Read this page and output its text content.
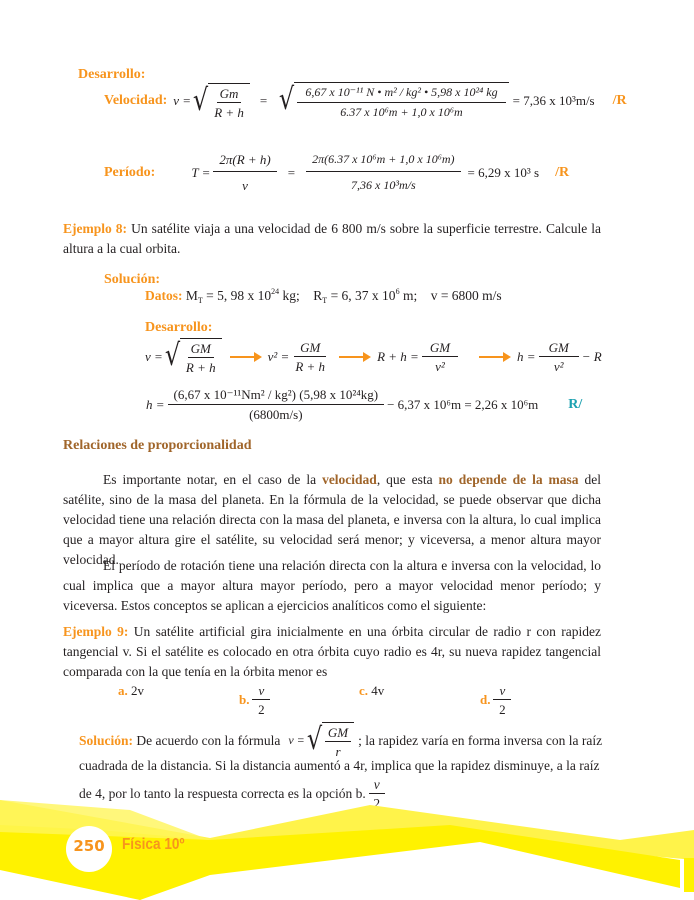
Desarrollo:
Velocidad: v = √ $\frac{Gm}{R + h}$ = √ $\frac{\text{6,67 x 10⁻¹¹ N • m² / kg² • 5,98 x 10²⁴ kg}}{\text{6.37 x 10⁶m + 1,0 x 10⁶m}} = 7,36$ x 10³m/s /R
Período:	$T = \frac{2\pi(R + h)}{v} = \frac{\text{2π(6.37 x 10⁶m + 1,0 x 10⁶m)}}{\text{7,36 x 10³m/s}} = 6,29$ x 10³ s /R
Ejemplo 8: Un satélite viaja a una velocidad de 6 800 m/s sobre la superficie terrestre. Calcule la altura a la cual orbita.
Solución:
Datos: $M_T = 5$, 98 x $10^{24}$ kg;    $R_T = 6$, 37 x $10^6$ m;    v = 6800 m/s
Desarrollo:
v = √ $\frac{GM}{R + h}$	$v^2 = \frac{GM}{R + h}$	$R + h = \frac{GM}{\text{v²}}$	$h = \frac{GM}{\text{v²}} - R$
$h = \frac{\text{(6,67 x 10⁻¹¹Nm² / kg²) (5,98 x 10²⁴kg)}}{(6800m/s)} - 6,37$ x 10⁶m = 2,26 x 10⁶m R/
Relaciones de proporcionalidad
Es importante notar, en el caso de la velocidad, que esta no depende de la masa del satélite, sino de la masa del planeta. En la fórmula de la velocidad, se puede observar que dicha velocidad tiene una relación directa con la masa del planeta, e inversa con la altura, lo cual implica que a mayor altura gire el satélite, su velocidad será menor; y viceversa, a menor altura mayor velocidad.
El período de rotación tiene una relación directa con la altura e inversa con la velocidad, lo cual implica que a mayor altura mayor período, pero a mayor velocidad menor período; y viceversa. Estos conceptos se aplican a ejercicios analíticos como el siguiente:
Ejemplo 9: Un satélite artificial gira inicialmente en una órbita circular de radio r con rapidez tangencial v. Si el satélite es colocado en otra órbita cuyo radio es 4r, su nueva rapidez tangencial comparada con la que tenía en la órbita menor es
a.
2v
b. $\frac{v}{2}$	c.
4v
d. $\frac{v}{2}$
Solución:
De acuerdo con la fórmula v = √ $\frac{GM}{r}$ ; la rapidez varía en forma inversa con la raíz
cuadrada de la distancia. Si la distancia aumentó a 4r, implica que la rapidez disminuye, a la raíz
de 4, por lo tanto la respuesta correcta es la opción b. $\frac{v}{2}$
250	Física 10º
